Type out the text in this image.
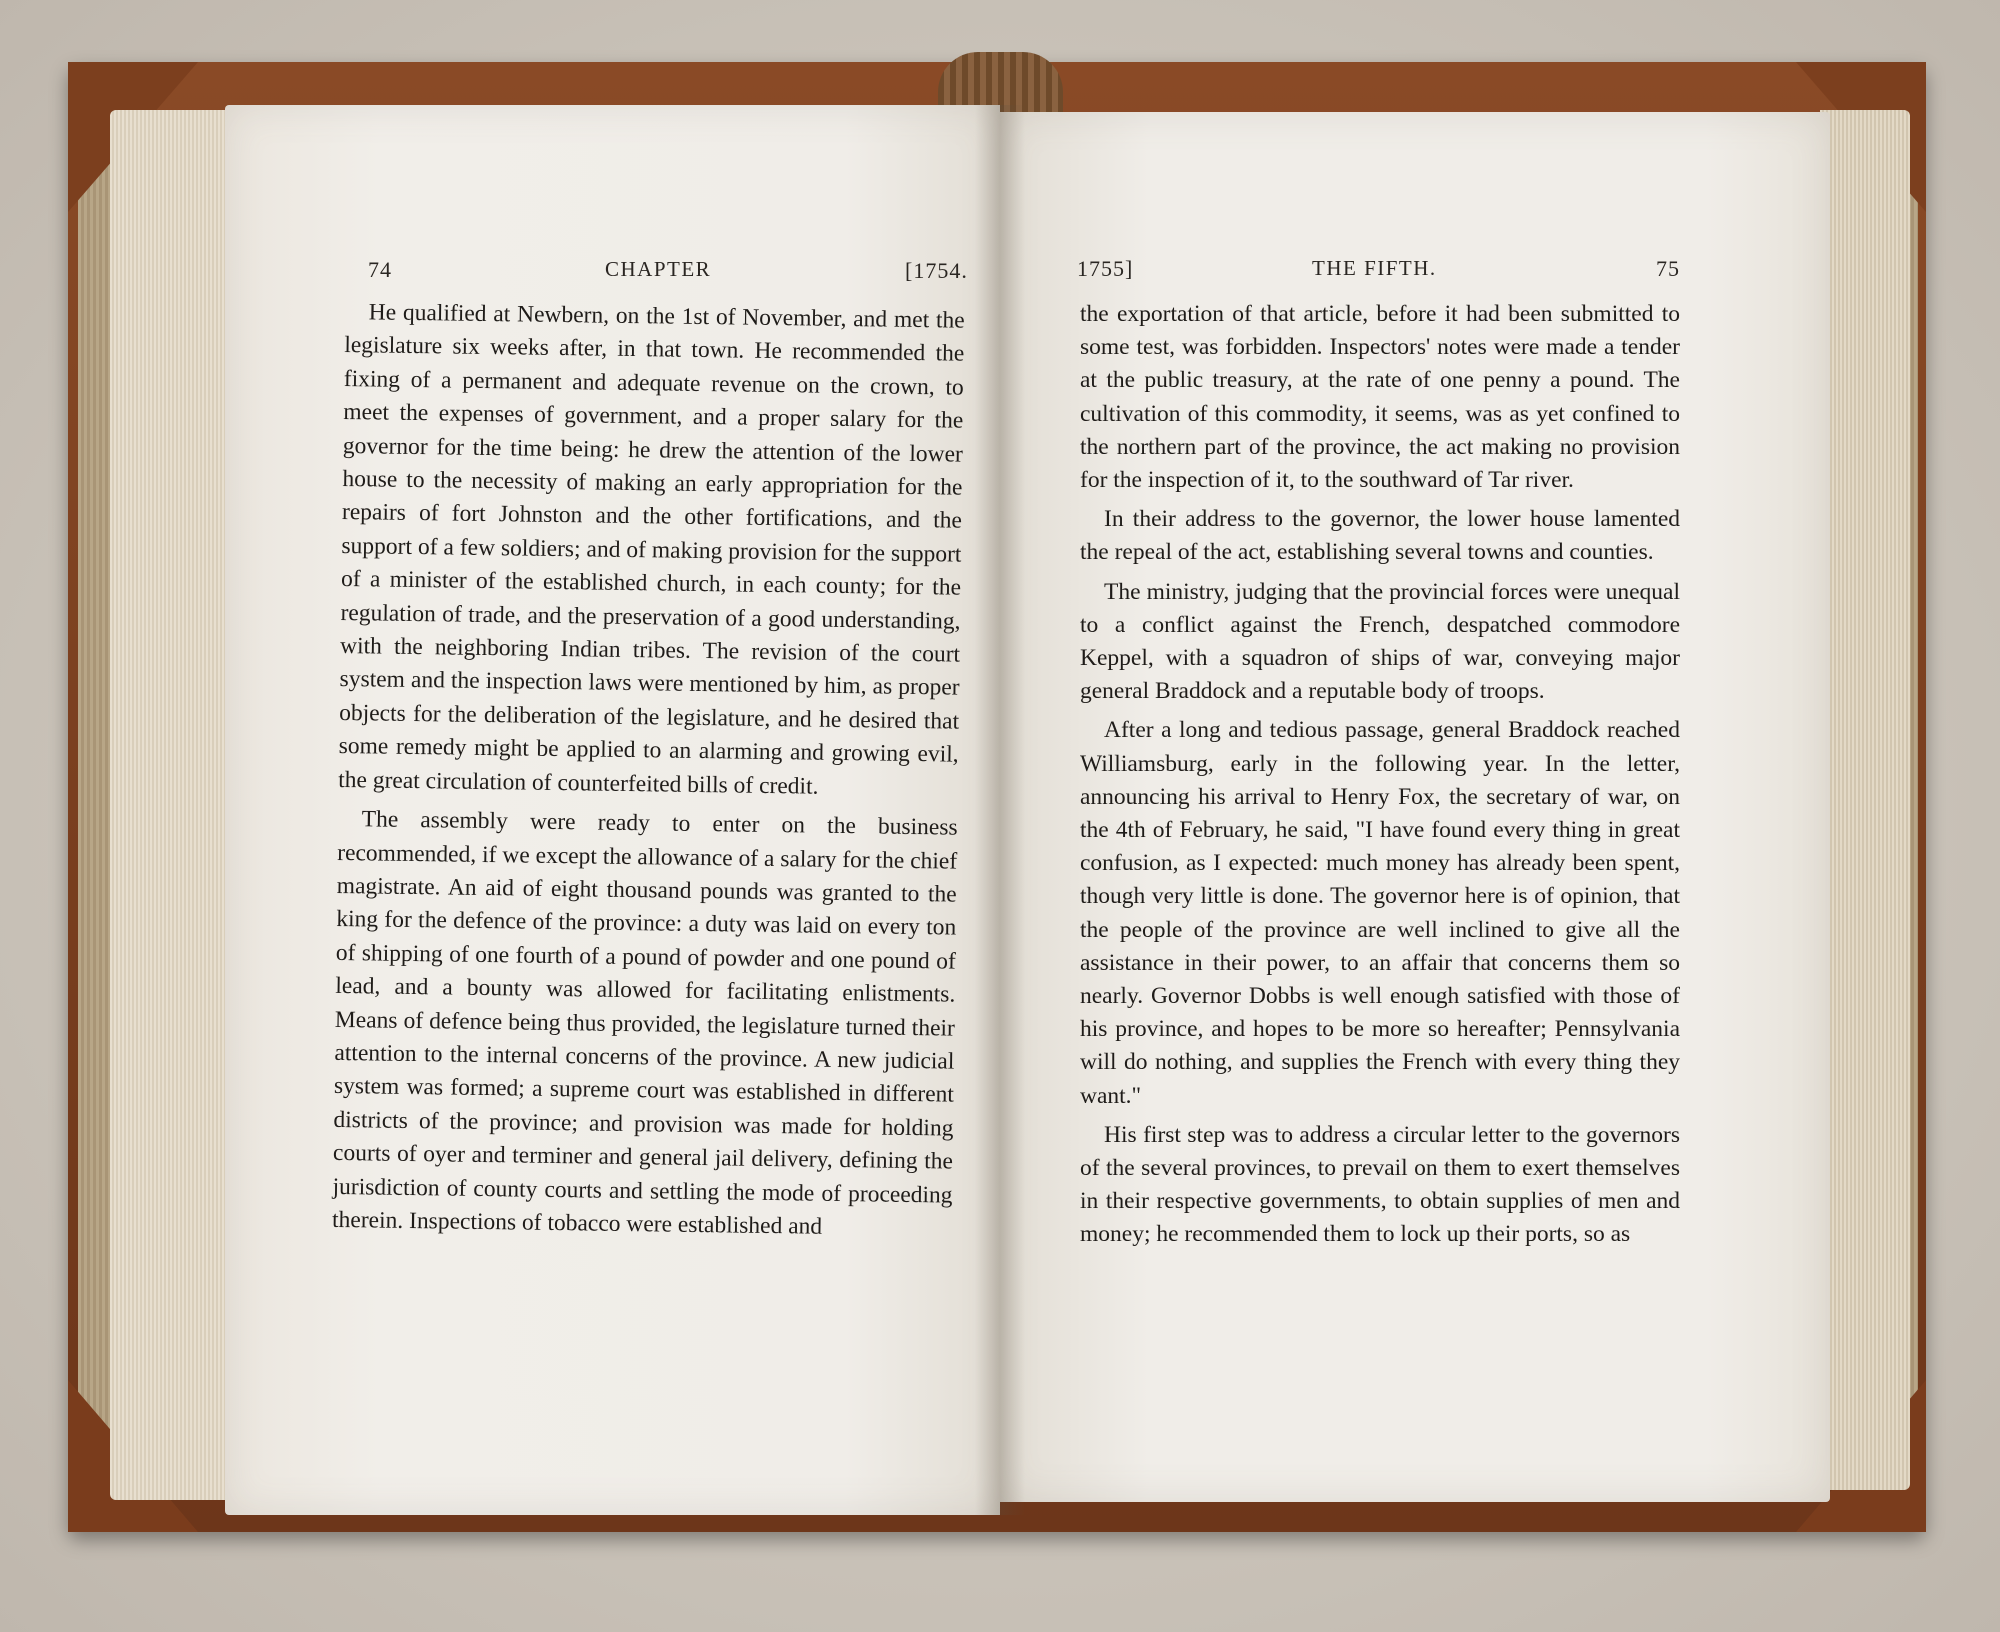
74	CHAPTER	[1754.	1755]	THE FIFTH.	75

He qualified at Newbern, on the 1st of November, and met the legislature six weeks after, in that town. He recommended the fixing of a permanent and adequate revenue on the crown, to meet the expenses of government, and a proper salary for the governor for the time being: he drew the attention of the lower house to the necessity of making an early appropriation for the repairs of fort Johnston and the other fortifications, and the support of a few soldiers; and of making provision for the support of a minister of the established church, in each county; for the regulation of trade, and the preservation of a good understanding, with the neighboring Indian tribes. The revision of the court system and the inspection laws were mentioned by him, as proper objects for the deliberation of the legislature, and he desired that some remedy might be applied to an alarming and growing evil, the great circulation of counterfeited bills of credit.

The assembly were ready to enter on the business recommended, if we except the allowance of a salary for the chief magistrate. An aid of eight thousand pounds was granted to the king for the defence of the province: a duty was laid on every ton of shipping of one fourth of a pound of powder and one pound of lead, and a bounty was allowed for facilitating enlistments. Means of defence being thus provided, the legislature turned their attention to the internal concerns of the province. A new judicial system was formed; a supreme court was established in different districts of the province; and provision was made for holding courts of oyer and terminer and general jail delivery, defining the jurisdiction of county courts and settling the mode of proceeding therein. Inspections of tobacco were established and

the exportation of that article, before it had been submitted to some test, was forbidden. Inspectors' notes were made a tender at the public treasury, at the rate of one penny a pound. The cultivation of this commodity, it seems, was as yet confined to the northern part of the province, the act making no provision for the inspection of it, to the southward of Tar river.

In their address to the governor, the lower house lamented the repeal of the act, establishing several towns and counties.

The ministry, judging that the provincial forces were unequal to a conflict against the French, despatched commodore Keppel, with a squadron of ships of war, conveying major general Braddock and a reputable body of troops.

After a long and tedious passage, general Braddock reached Williamsburg, early in the following year. In the letter, announcing his arrival to Henry Fox, the secretary of war, on the 4th of February, he said, "I have found every thing in great confusion, as I expected: much money has already been spent, though very little is done. The governor here is of opinion, that the people of the province are well inclined to give all the assistance in their power, to an affair that concerns them so nearly. Governor Dobbs is well enough satisfied with those of his province, and hopes to be more so hereafter; Pennsylvania will do nothing, and supplies the French with every thing they want."

His first step was to address a circular letter to the governors of the several provinces, to prevail on them to exert themselves in their respective governments, to obtain supplies of men and money; he recommended them to lock up their ports, so as
